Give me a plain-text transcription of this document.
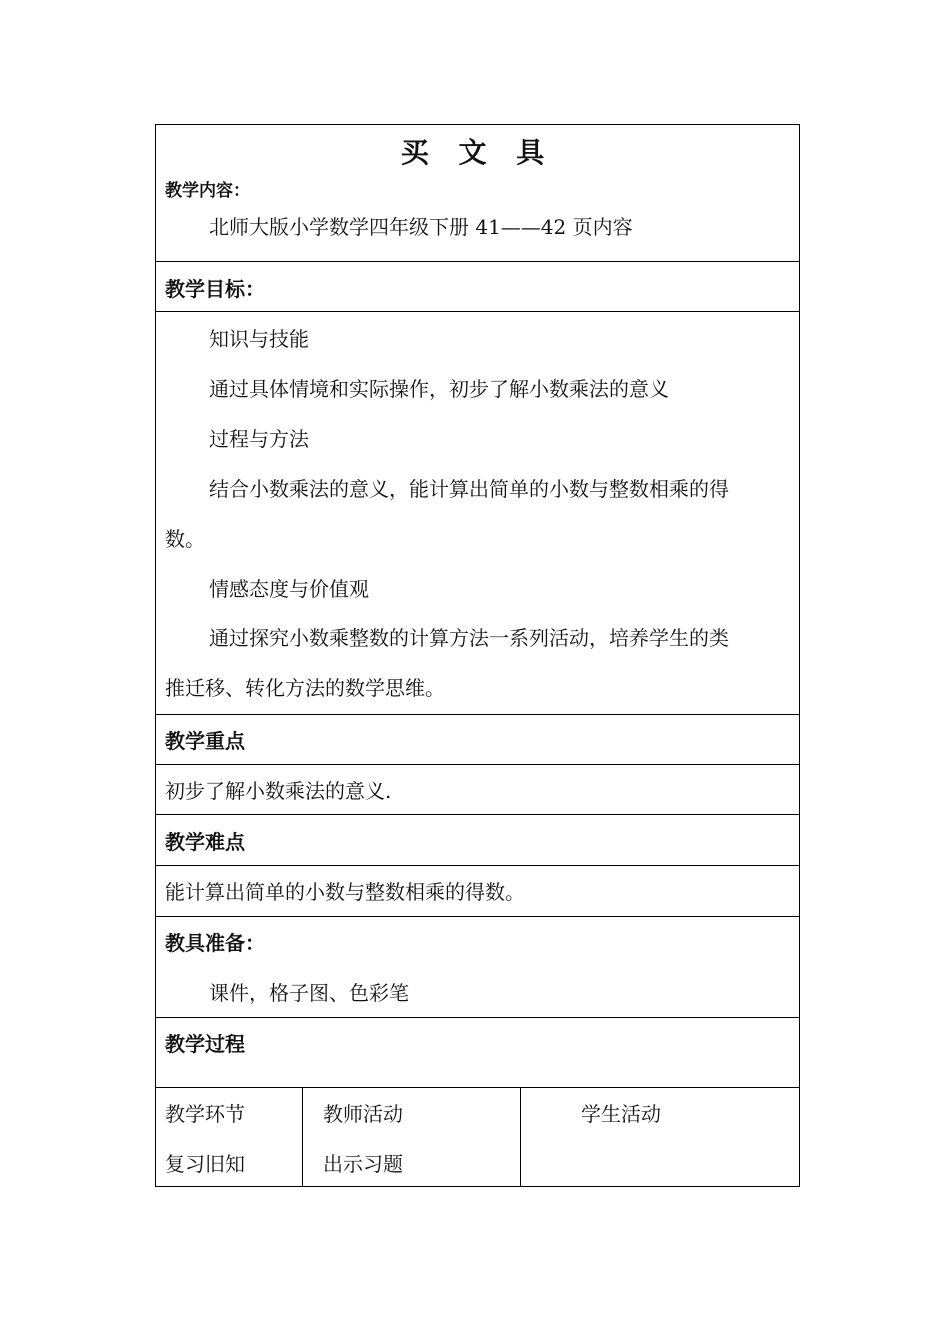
买 文 具
教学内容：
北师大版小学数学四年级下册 41——42 页内容
教学目标：
知识与技能
通过具体情境和实际操作，初步了解小数乘法的意义
过程与方法
结合小数乘法的意义，能计算出简单的小数与整数相乘的得
数。
情感态度与价值观
通过探究小数乘整数的计算方法一系列活动，培养学生的类
推迁移、转化方法的数学思维。
教学重点
初步了解小数乘法的意义.
教学难点
能计算出简单的小数与整数相乘的得数。
教具准备：
课件，格子图、色彩笔
教学过程
教学环节	教师活动	学生活动
复习旧知	出示习题
